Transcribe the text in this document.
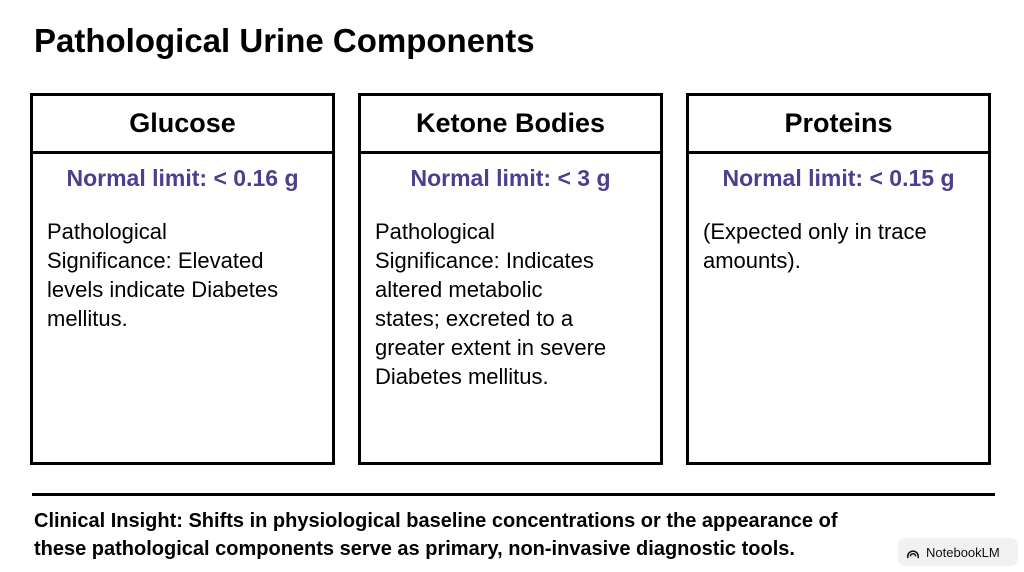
Pathological Urine Components
Glucose
Normal limit: < 0.16 g
Pathological
Significance: Elevated
levels indicate Diabetes
mellitus.
Ketone Bodies
Normal limit: < 3 g
Pathological
Significance: Indicates
altered metabolic
states; excreted to a
greater extent in severe
Diabetes mellitus.
Proteins
Normal limit: < 0.15 g
(Expected only in trace
amounts).
Clinical Insight: Shifts in physiological baseline concentrations or the appearance of
these pathological components serve as primary, non-invasive diagnostic tools.	NotebookLM
